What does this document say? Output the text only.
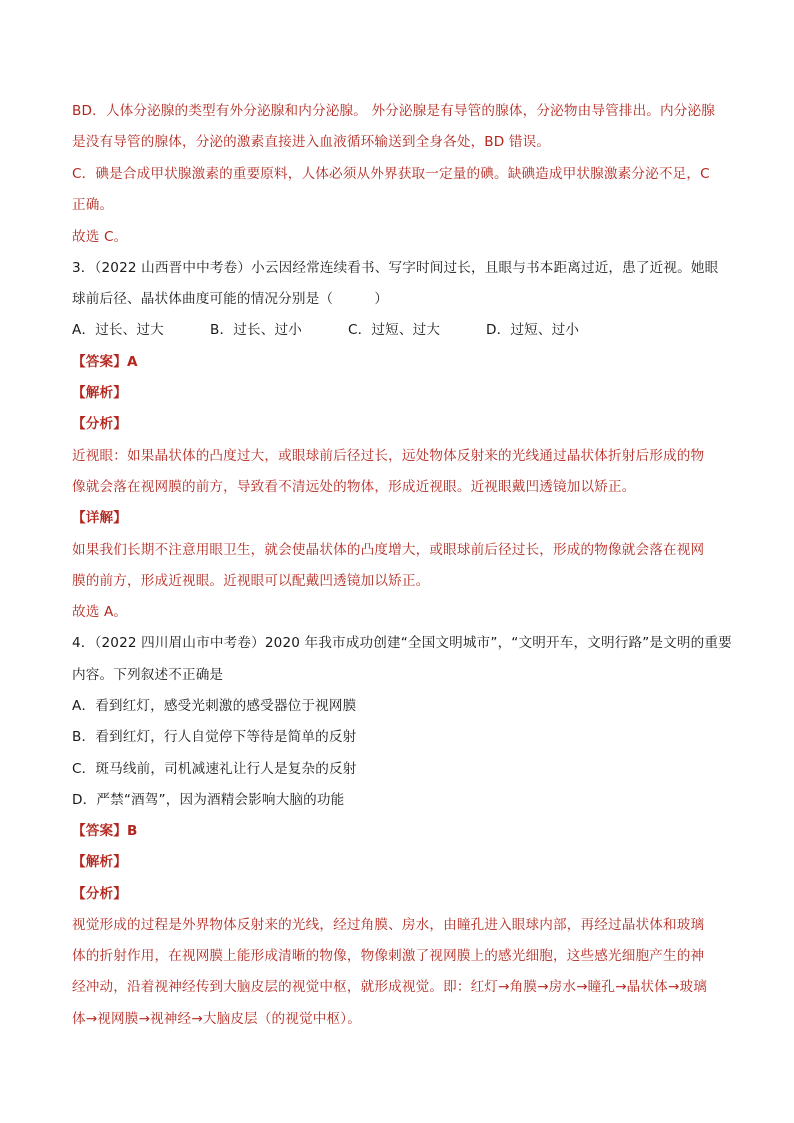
BD．人体分泌腺的类型有外分泌腺和内分泌腺。 外分泌腺是有导管的腺体，分泌物由导管排出。内分泌腺
是没有导管的腺体，分泌的激素直接进入血液循环输送到全身各处，BD 错误。
C．碘是合成甲状腺激素的重要原料，人体必须从外界获取一定量的碘。缺碘造成甲状腺激素分泌不足，C
正确。
故选 C。
3．（2022 山西晋中中考卷）小云因经常连续看书、写字时间过长，且眼与书本距离过近，患了近视。她眼
球前后径、晶状体曲度可能的情况分别是（　　　）
A．过长、过大	B．过长、过小	C．过短、过大	D．过短、过小
【答案】A
【解析】
【分析】
近视眼：如果晶状体的凸度过大，或眼球前后径过长，远处物体反射来的光线通过晶状体折射后形成的物
像就会落在视网膜的前方，导致看不清远处的物体，形成近视眼。近视眼戴凹透镜加以矫正。
【详解】
如果我们长期不注意用眼卫生，就会使晶状体的凸度增大，或眼球前后径过长，形成的物像就会落在视网
膜的前方，形成近视眼。近视眼可以配戴凹透镜加以矫正。
故选 A。
4．（2022 四川眉山市中考卷）2020 年我市成功创建“全国文明城市”，“文明开车，文明行路”是文明的重要
内容。下列叙述不正确是
A．看到红灯，感受光刺激的感受器位于视网膜
B．看到红灯，行人自觉停下等待是简单的反射
C．斑马线前，司机减速礼让行人是复杂的反射
D．严禁“酒驾”，因为酒精会影响大脑的功能
【答案】B
【解析】
【分析】
视觉形成的过程是外界物体反射来的光线，经过角膜、房水，由瞳孔进入眼球内部，再经过晶状体和玻璃
体的折射作用，在视网膜上能形成清晰的物像，物像刺激了视网膜上的感光细胞，这些感光细胞产生的神
经冲动，沿着视神经传到大脑皮层的视觉中枢，就形成视觉。即：红灯→角膜→房水→瞳孔→晶状体→玻璃
体→视网膜→视神经→大脑皮层（的视觉中枢）。
